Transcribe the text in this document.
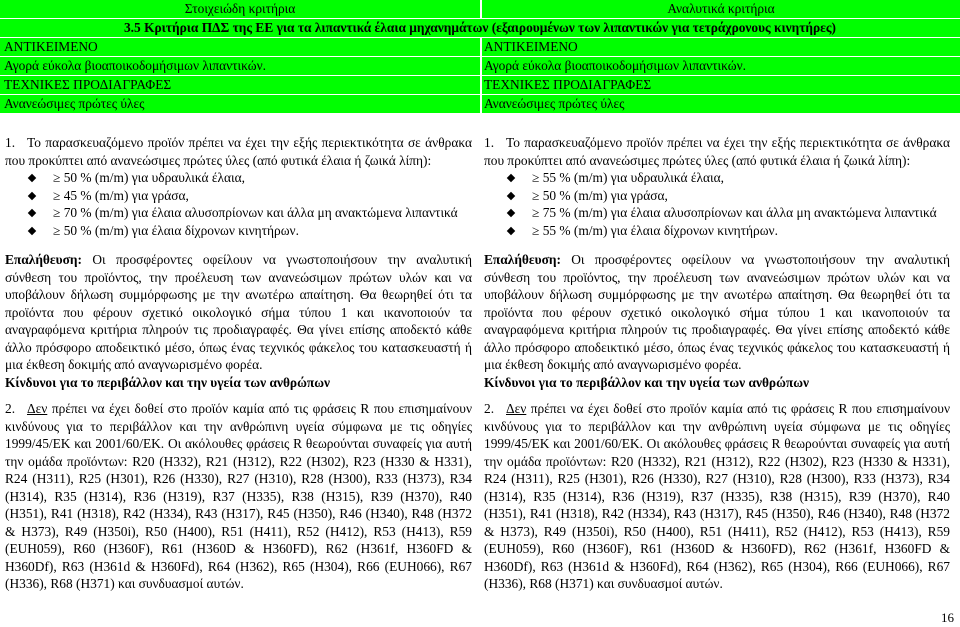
Στοιχειώδη κριτήρια	Αναλυτικά κριτήρια
3.5 Κριτήρια ΠΔΣ της ΕΕ για τα λιπαντικά έλαια μηχανημάτων (εξαιρουμένων των λιπαντικών για τετράχρονους κινητήρες)
ΑΝΤΙΚΕΙΜΕΝΟ	ΑΝΤΙΚΕΙΜΕΝΟ
Αγορά εύκολα βιοαποικοδομήσιμων λιπαντικών.	Αγορά εύκολα βιοαποικοδομήσιμων λιπαντικών.
ΤΕΧΝΙΚΕΣ ΠΡΟΔΙΑΓΡΑΦΕΣ	ΤΕΧΝΙΚΕΣ ΠΡΟΔΙΑΓΡΑΦΕΣ
Ανανεώσιμες πρώτες ύλες	Ανανεώσιμες πρώτες ύλες

1. Το παρασκευαζόμενο προϊόν πρέπει να έχει την εξής περιεκτικότητα σε άνθρακα που προκύπτει από ανανεώσιμες πρώτες ύλες (από φυτικά έλαια ή ζωικά λίπη):

≥ 50 % (m/m) για υδραυλικά έλαια,
≥ 45 % (m/m) για γράσα,
≥ 70 % (m/m) για έλαια αλυσοπρίονων και άλλα μη ανακτώμενα λιπαντικά
≥ 50 % (m/m) για έλαια δίχρονων κινητήρων.

Επαλήθευση: Οι προσφέροντες οφείλουν να γνωστοποιήσουν την αναλυτική σύνθεση του προϊόντος, την προέλευση των ανανεώσιμων πρώτων υλών και να υποβάλουν δήλωση συμμόρφωσης με την ανωτέρω απαίτηση. Θα θεωρηθεί ότι τα προϊόντα που φέρουν σχετικό οικολογικό σήμα τύπου 1 και ικανοποιούν τα αναγραφόμενα κριτήρια πληρούν τις προδιαγραφές. Θα γίνει επίσης αποδεκτό κάθε άλλο πρόσφορο αποδεικτικό μέσο, όπως ένας τεχνικός φάκελος του κατασκευαστή ή μια έκθεση δοκιμής από αναγνωρισμένο φορέα.

Κίνδυνοι για το περιβάλλον και την υγεία των ανθρώπων

2. Δεν πρέπει να έχει δοθεί στο προϊόν καμία από τις φράσεις R που επισημαίνουν κινδύνους για το περιβάλλον και την ανθρώπινη υγεία σύμφωνα με τις οδηγίες 1999/45/ΕΚ και 2001/60/ΕΚ. Οι ακόλουθες φράσεις R θεωρούνται συναφείς για αυτή την ομάδα προϊόντων: R20 (H332), R21 (H312), R22 (H302), R23 (H330 & H331), R24 (H311), R25 (H301), R26 (H330), R27 (H310), R28 (H300), R33 (H373), R34 (H314), R35 (H314), R36 (H319), R37 (H335), R38 (H315), R39 (H370), R40 (H351), R41 (H318), R42 (H334), R43 (H317), R45 (H350), R46 (H340), R48 (H372 & H373), R49 (H350i), R50 (H400), R51 (H411), R52 (H412), R53 (H413), R59 (EUH059), R60 (H360F), R61 (H360D & H360FD), R62 (H361f, H360FD & H360Df), R63 (H361d & H360Fd), R64 (H362), R65 (H304), R66 (EUH066), R67 (H336), R68 (H371) και συνδυασμοί αυτών.

1. Το παρασκευαζόμενο προϊόν πρέπει να έχει την εξής περιεκτικότητα σε άνθρακα που προκύπτει από ανανεώσιμες πρώτες ύλες (από φυτικά έλαια ή ζωικά λίπη):

≥ 55 % (m/m) για υδραυλικά έλαια,
≥ 50 % (m/m) για γράσα,
≥ 75 % (m/m) για έλαια αλυσοπρίονων και άλλα μη ανακτώμενα λιπαντικά
≥ 55 % (m/m) για έλαια δίχρονων κινητήρων.

Επαλήθευση: Οι προσφέροντες οφείλουν να γνωστοποιήσουν την αναλυτική σύνθεση του προϊόντος, την προέλευση των ανανεώσιμων πρώτων υλών και να υποβάλουν δήλωση συμμόρφωσης με την ανωτέρω απαίτηση. Θα θεωρηθεί ότι τα προϊόντα που φέρουν σχετικό οικολογικό σήμα τύπου 1 και ικανοποιούν τα αναγραφόμενα κριτήρια πληρούν τις προδιαγραφές. Θα γίνει επίσης αποδεκτό κάθε άλλο πρόσφορο αποδεικτικό μέσο, όπως ένας τεχνικός φάκελος του κατασκευαστή ή μια έκθεση δοκιμής από αναγνωρισμένο φορέα.

Κίνδυνοι για το περιβάλλον και την υγεία των ανθρώπων

2. Δεν πρέπει να έχει δοθεί στο προϊόν καμία από τις φράσεις R που επισημαίνουν κινδύνους για το περιβάλλον και την ανθρώπινη υγεία σύμφωνα με τις οδηγίες 1999/45/ΕΚ και 2001/60/ΕΚ. Οι ακόλουθες φράσεις R θεωρούνται συναφείς για αυτή την ομάδα προϊόντων: R20 (H332), R21 (H312), R22 (H302), R23 (H330 & H331), R24 (H311), R25 (H301), R26 (H330), R27 (H310), R28 (H300), R33 (H373), R34 (H314), R35 (H314), R36 (H319), R37 (H335), R38 (H315), R39 (H370), R40 (H351), R41 (H318), R42 (H334), R43 (H317), R45 (H350), R46 (H340), R48 (H372 & H373), R49 (H350i), R50 (H400), R51 (H411), R52 (H412), R53 (H413), R59 (EUH059), R60 (H360F), R61 (H360D & H360FD), R62 (H361f, H360FD & H360Df), R63 (H361d & H360Fd), R64 (H362), R65 (H304), R66 (EUH066), R67 (H336), R68 (H371) και συνδυασμοί αυτών.

16
